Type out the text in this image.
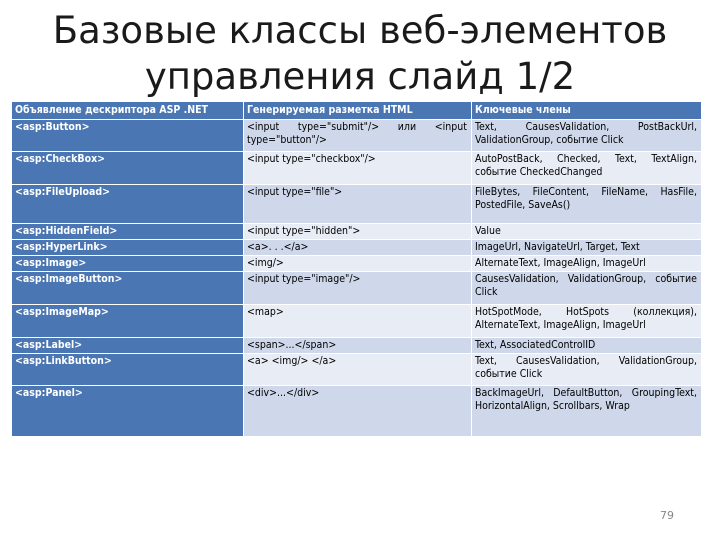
Базовые классы веб-элементов
управления слайд 1/2
Объявление дескриптора ASP .NET	Генерируемая разметка HTML	Ключевые члены
<asp:Button>	<input type="submit"/> или <input type="button"/>	Text, CausesValidation, PostBackUrl, ValidationGroup, событие Click
<asp:CheckBox>	<input type="checkbox"/>	AutoPostBack, Checked, Text, TextAlign, событие CheckedChanged
<asp:FileUpload>	<input type="file">	FileBytes, FileContent, FileName, HasFile, PostedFile, SaveAs()
<asp:HiddenField>	<input type="hidden">	Value
<asp:HyperLink>	<a>. . .</a>	ImageUrl, NavigateUrl, Target, Text
<asp:Image>	<img/>	AlternateText, ImageAlign, ImageUrl
<asp:ImageButton>	<input type="image"/>	CausesValidation, ValidationGroup, событие Click
<asp:ImageMap>	<map>	HotSpotMode, HotSpots (коллекция), AlternateText, ImageAlign, ImageUrl
<asp:Label>	<span>...</span>	Text, AssociatedControlID
<asp:LinkButton>	<a> <img/> </a>	Text, CausesValidation, ValidationGroup, событие Click
<asp:Panel>	<div>...</div>	BackImageUrl, DefaultButton, GroupingText, HorizontalAlign, Scrollbars, Wrap
79
